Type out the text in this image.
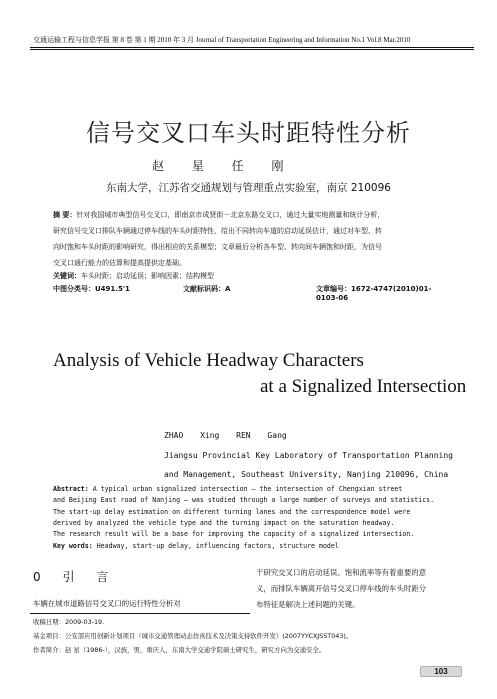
交通运输工程与信息学报 第 8 卷 第 1 期 2010 年 3 月 Journal of Transportation Engineering and Information No.1 Vol.8 Mar.2010
信号交叉口车头时距特性分析
赵 星 任 刚
东南大学，江苏省交通规划与管理重点实验室，南京 210096
摘 要：针对我国城市典型信号交叉口，即南京市成贤街－北京东路交叉口，通过大量实地测量和统计分析，
研究信号交叉口排队车辆通过停车线的车头时距特性，给出不同转向车道的启动延误估计，通过对车型、转
向时饱和车头时距的影响研究，得出相应的关系模型；文章最后分析各车型、转向间车辆饱和时距，为信号
交叉口通行能力的估算和提高提供定基础。
关键词：车头时距；启动延误；影响因素；结构模型
中图分类号：U491.5'1	文献标识码：A	文章编号：1672-4747(2010)01-0103-06
Analysis of Vehicle Headway Characters
at a Signalized Intersection
ZHAO Xing REN Gang
Jiangsu Provincial Key Laboratory of Transportation Planning
and Management, Southeast University, Nanjing 210096, China
Abstract: A typical urban signalized intersection — the intersection of Chengxian street
and Beijing East road of Nanjing — was studied through a large number of surveys and statistics.
The start-up delay estimation on different turning lanes and the correspondence model were
derived by analyzed the vehicle type and the turning impact on the saturation headway.
The research result will be a base for improving the capacity of a signalized intersection.
Key words: Headway, start-up delay, influencing factors, structure model
0 引 言	干研究交叉口的启动延误、饱和流率等有着重要的意
义，而排队车辆离开信号交叉口停车线的车头时距分
布特征是解决上述问题的关键。
车辆在城市道路信号交叉口的运行特性分析对
收稿日期：2009-03-19.
基金项目：公安部应用创新计划项目（城市交通管理动态仿真技术及决策支持软件开发）(2007YYCXJSST043)。
作者简介：赵 星（1986-），汉族，男，重庆人，东南大学交通学院硕士研究生，研究方向为交通安全。
103
